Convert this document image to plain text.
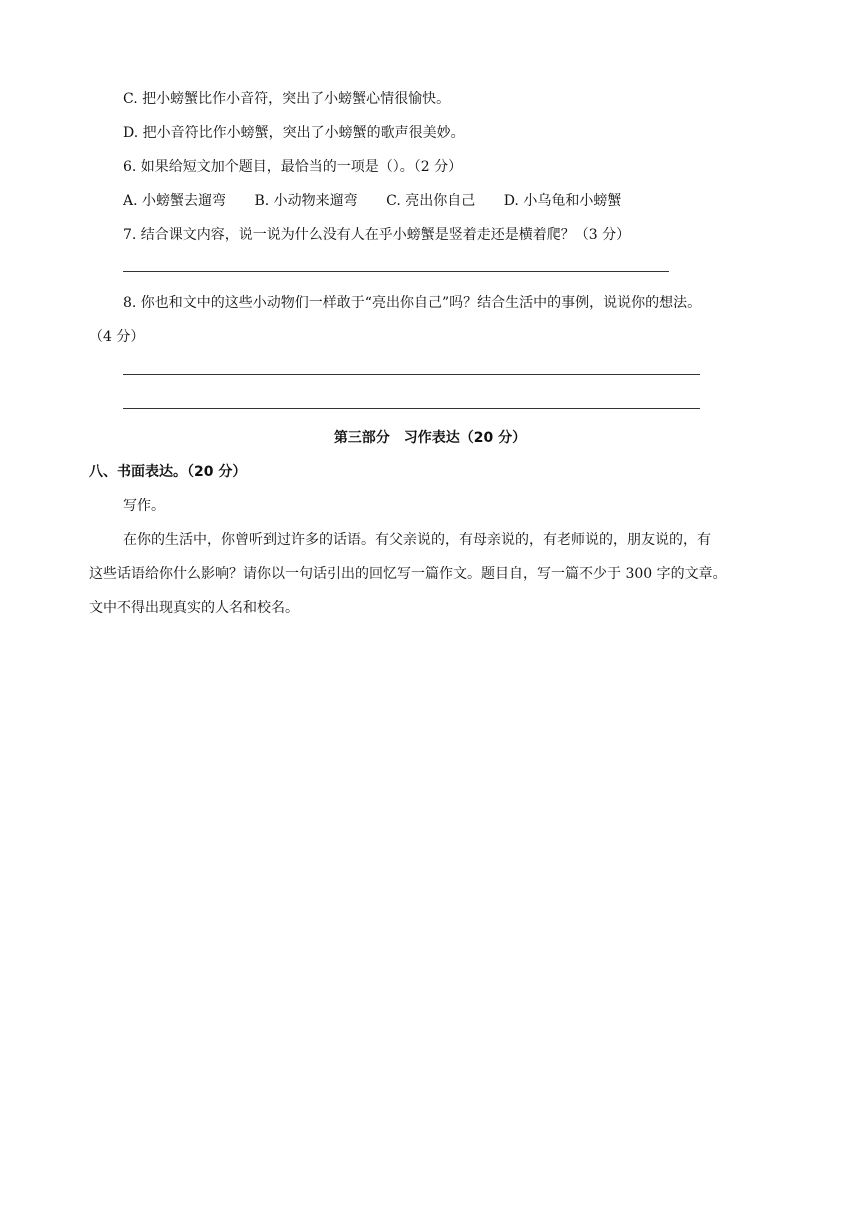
C. 把小螃蟹比作小音符，突出了小螃蟹心情很愉快。
D. 把小音符比作小螃蟹，突出了小螃蟹的歌声很美妙。
6. 如果给短文加个题目，最恰当的一项是（）。（2 分）
A. 小螃蟹去遛弯 B. 小动物来遛弯 C. 亮出你自己 D. 小乌龟和小螃蟹
7. 结合课文内容，说一说为什么没有人在乎小螃蟹是竖着走还是横着爬？（3 分）
8. 你也和文中的这些小动物们一样敢于“亮出你自己”吗？结合生活中的事例，说说你的想法。
（4 分）
第三部分　习作表达（20 分）
八、书面表达。（20 分）
写作。
在你的生活中，你曾听到过许多的话语。有父亲说的，有母亲说的，有老师说的，朋友说的，有
这些话语给你什么影响？请你以一句话引出的回忆写一篇作文。题目自，写一篇不少于 300 字的文章。
文中不得出现真实的人名和校名。
